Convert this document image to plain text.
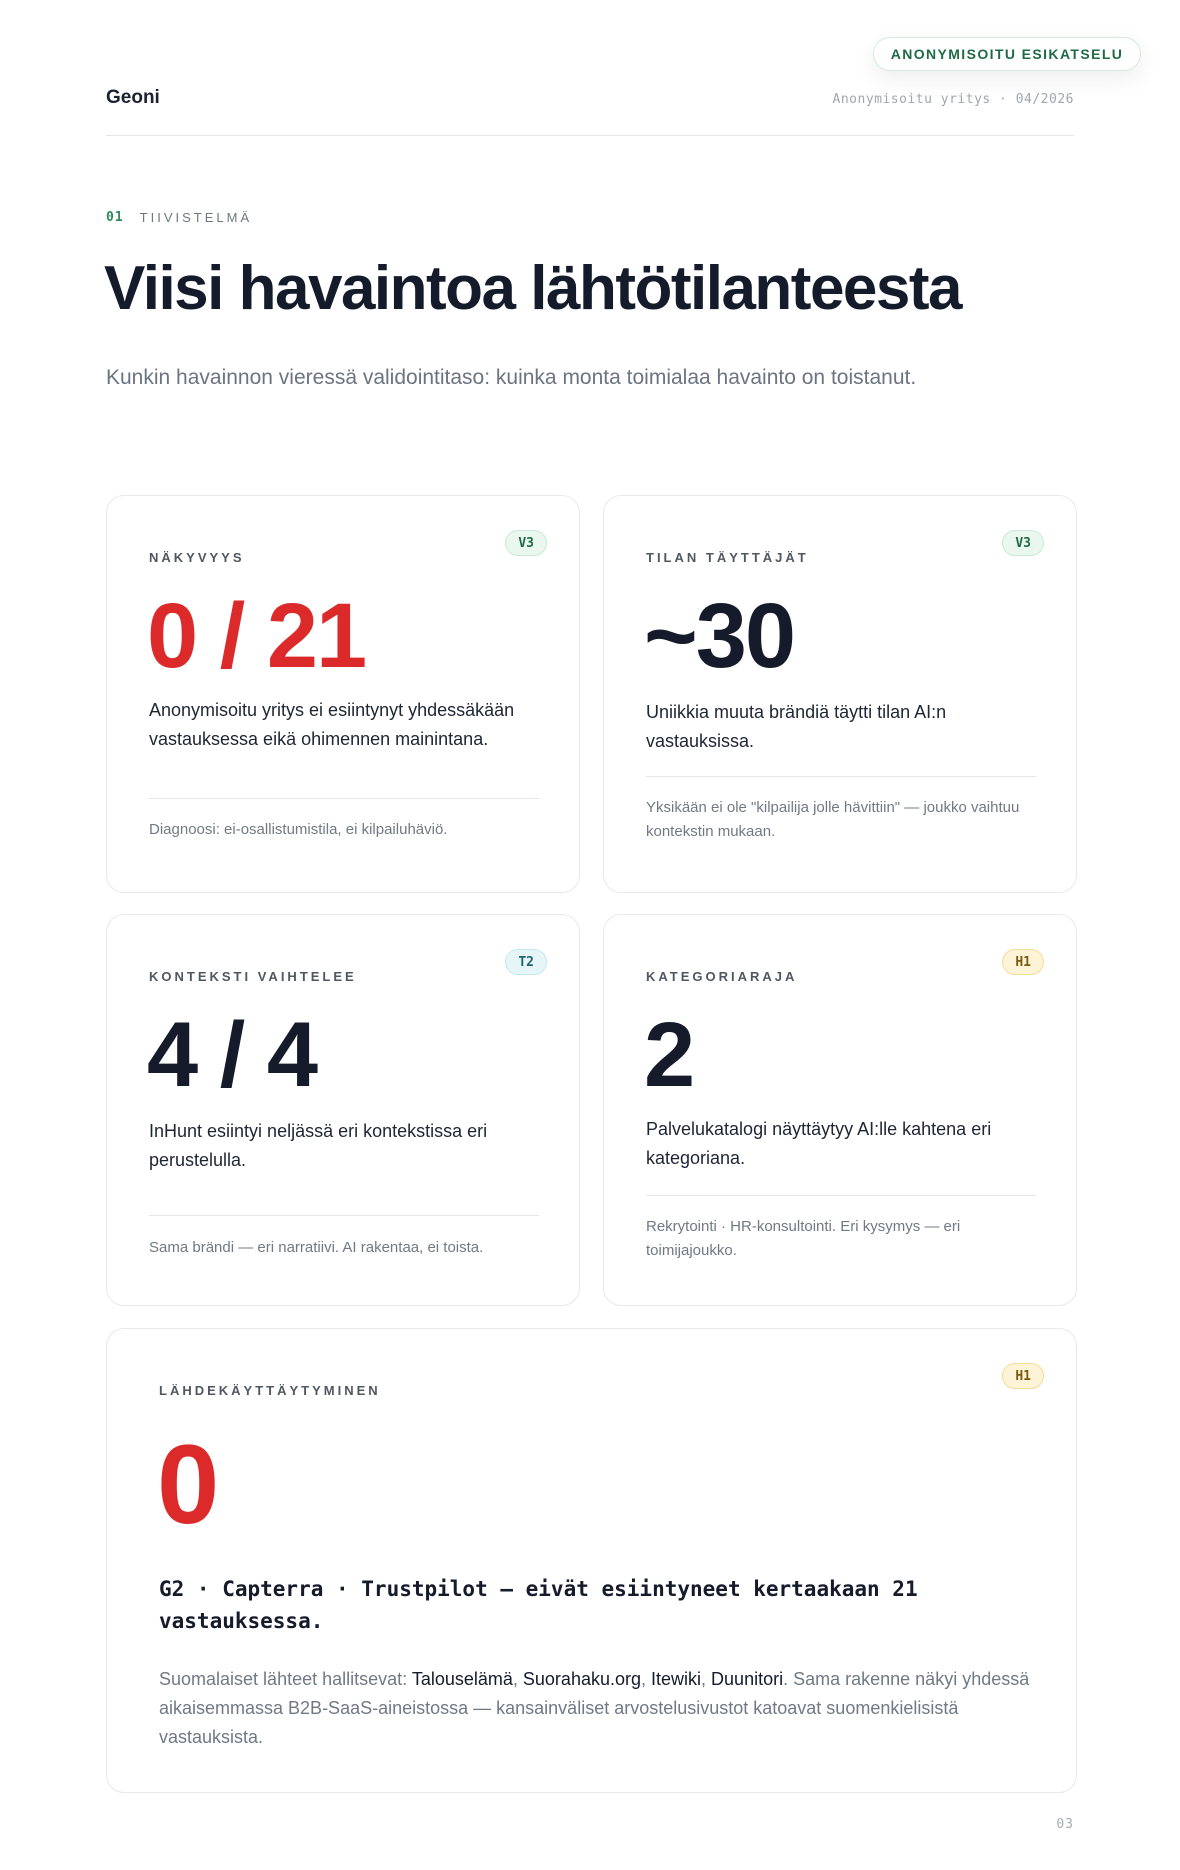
ANONYMISOITU ESIKATSELU
Geoni	Anonymisoitu yritys · 04/2026
01 TIIVISTELMÄ
Viisi havaintoa lähtötilanteesta

Kunkin havainnon vieressä validointitaso: kuinka monta toimialaa havainto on toistanut.

NÄKYVYYS
V3
0 / 21
Anonymisoitu yritys ei esiintynyt yhdessäkään vastauksessa eikä ohimennen mainintana.
Diagnoosi: ei-osallistumistila, ei kilpailuhäviö.
TILAN TÄYTTÄJÄT
V3
~30
Uniikkia muuta brändiä täytti tilan AI:n vastauksissa.
Yksikään ei ole "kilpailija jolle hävittiin" — joukko vaihtuu kontekstin mukaan.
KONTEKSTI VAIHTELEE
T2
4 / 4
InHunt esiintyi neljässä eri kontekstissa eri perustelulla.
Sama brändi — eri narratiivi. AI rakentaa, ei toista.
KATEGORIARAJA
H1
2
Palvelukatalogi näyttäytyy AI:lle kahtena eri kategoriana.
Rekrytointi · HR-konsultointi. Eri kysymys — eri toimijajoukko.
LÄHDEKÄYTTÄYTYMINEN
H1
0
G2 · Capterra · Trustpilot — eivät esiintyneet kertaakaan 21 vastauksessa.

Suomalaiset lähteet hallitsevat: Talouselämä, Suorahaku.org, Itewiki, Duunitori. Sama rakenne näkyi yhdessä aikaisemmassa B2B-SaaS-aineistossa — kansainväliset arvostelusivustot katoavat suomenkielisistä vastauksista.

03
